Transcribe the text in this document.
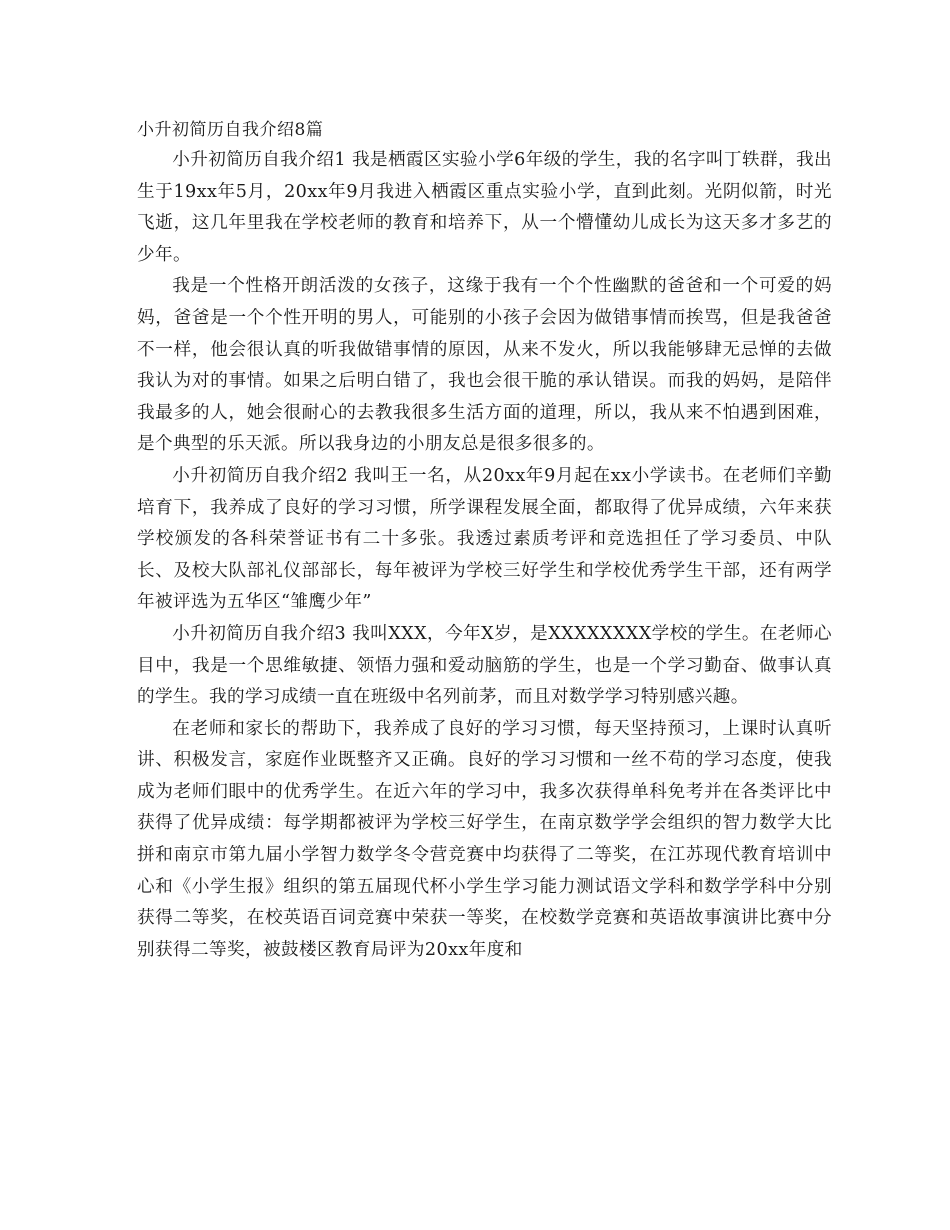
小升初简历自我介绍8篇

小升初简历自我介绍1 我是栖霞区实验小学6年级的学生，我的名字叫丁轶群，我出生于19xx年5月，20xx年9月我进入栖霞区重点实验小学，直到此刻。光阴似箭，时光飞逝，这几年里我在学校老师的教育和培养下，从一个懵懂幼儿成长为这天多才多艺的少年。

我是一个性格开朗活泼的女孩子，这缘于我有一个个性幽默的爸爸和一个可爱的妈妈，爸爸是一个个性开明的男人，可能别的小孩子会因为做错事情而挨骂，但是我爸爸不一样，他会很认真的听我做错事情的原因，从来不发火，所以我能够肆无忌惮的去做我认为对的事情。如果之后明白错了，我也会很干脆的承认错误。而我的妈妈，是陪伴我最多的人，她会很耐心的去教我很多生活方面的道理，所以，我从来不怕遇到困难，是个典型的乐天派。所以我身边的小朋友总是很多很多的。

小升初简历自我介绍2 我叫王一名，从20xx年9月起在xx小学读书。在老师们辛勤培育下，我养成了良好的学习习惯，所学课程发展全面，都取得了优异成绩，六年来获学校颁发的各科荣誉证书有二十多张。我透过素质考评和竞选担任了学习委员、中队长、及校大队部礼仪部部长，每年被评为学校三好学生和学校优秀学生干部，还有两学年被评选为五华区“雏鹰少年”

小升初简历自我介绍3 我叫XXX，今年X岁，是XXXXXXXX学校的学生。在老师心目中，我是一个思维敏捷、领悟力强和爱动脑筋的学生，也是一个学习勤奋、做事认真的学生。我的学习成绩一直在班级中名列前茅，而且对数学学习特别感兴趣。

在老师和家长的帮助下，我养成了良好的学习习惯，每天坚持预习，上课时认真听讲、积极发言，家庭作业既整齐又正确。良好的学习习惯和一丝不苟的学习态度，使我成为老师们眼中的优秀学生。在近六年的学习中，我多次获得单科免考并在各类评比中获得了优异成绩：每学期都被评为学校三好学生，在南京数学学会组织的智力数学大比拼和南京市第九届小学智力数学冬令营竞赛中均获得了二等奖，在江苏现代教育培训中心和《小学生报》组织的第五届现代杯小学生学习能力测试语文学科和数学学科中分别获得二等奖，在校英语百词竞赛中荣获一等奖，在校数学竞赛和英语故事演讲比赛中分别获得二等奖，被鼓楼区教育局评为20xx年度和
